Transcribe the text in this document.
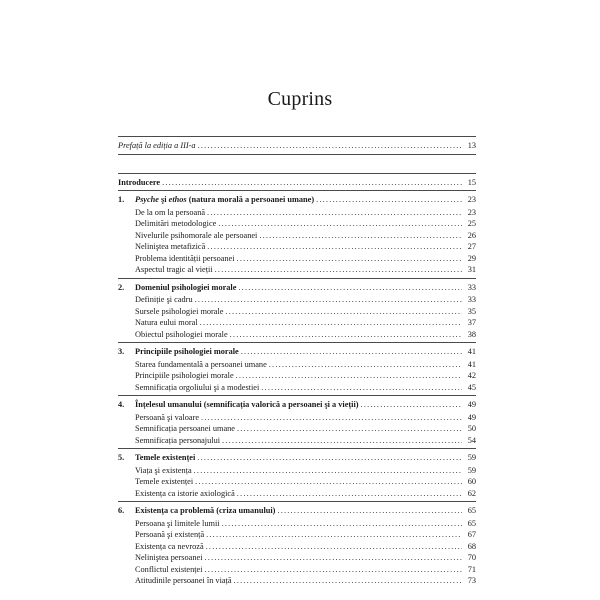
Cuprins
Prefață la ediția a III-a .....	13
Introducere .....	15
1.	Psyche şi ethos (natura morală a persoanei umane) .....	23
De la om la persoană .....	23
Delimitări metodologice .....	25
Nivelurile psihomorale ale persoanei .....	26
Neliniştea metafizică .....	27
Problema identității persoanei .....	29
Aspectul tragic al vieții .....	31
2.	Domeniul psihologiei morale .....	33
Definiție şi cadru .....	33
Sursele psihologiei morale .....	35
Natura eului moral .....	37
Obiectul psihologiei morale .....	38
3.	Principiile psihologiei morale .....	41
Starea fundamentală a persoanei umane .....	41
Principiile psihologiei morale .....	42
Semnificația orgoliului şi a modestiei .....	45
4.	Înțelesul umanului (semnificația valorică a persoanei şi a vieții) .....	49
Persoană şi valoare .....	49
Semnificația persoanei umane .....	50
Semnificația personajului .....	54
5.	Temele existenței .....	59
Viața şi existența .....	59
Temele existenței .....	60
Existența ca istorie axiologică .....	62
6.	Existența ca problemă (criza umanului) .....	65
Persoana şi limitele lumii .....	65
Persoană şi existență .....	67
Existența ca nevroză .....	68
Neliniştea persoanei .....	70
Conflictul existenței .....	71
Atitudinile persoanei în viață .....	73
